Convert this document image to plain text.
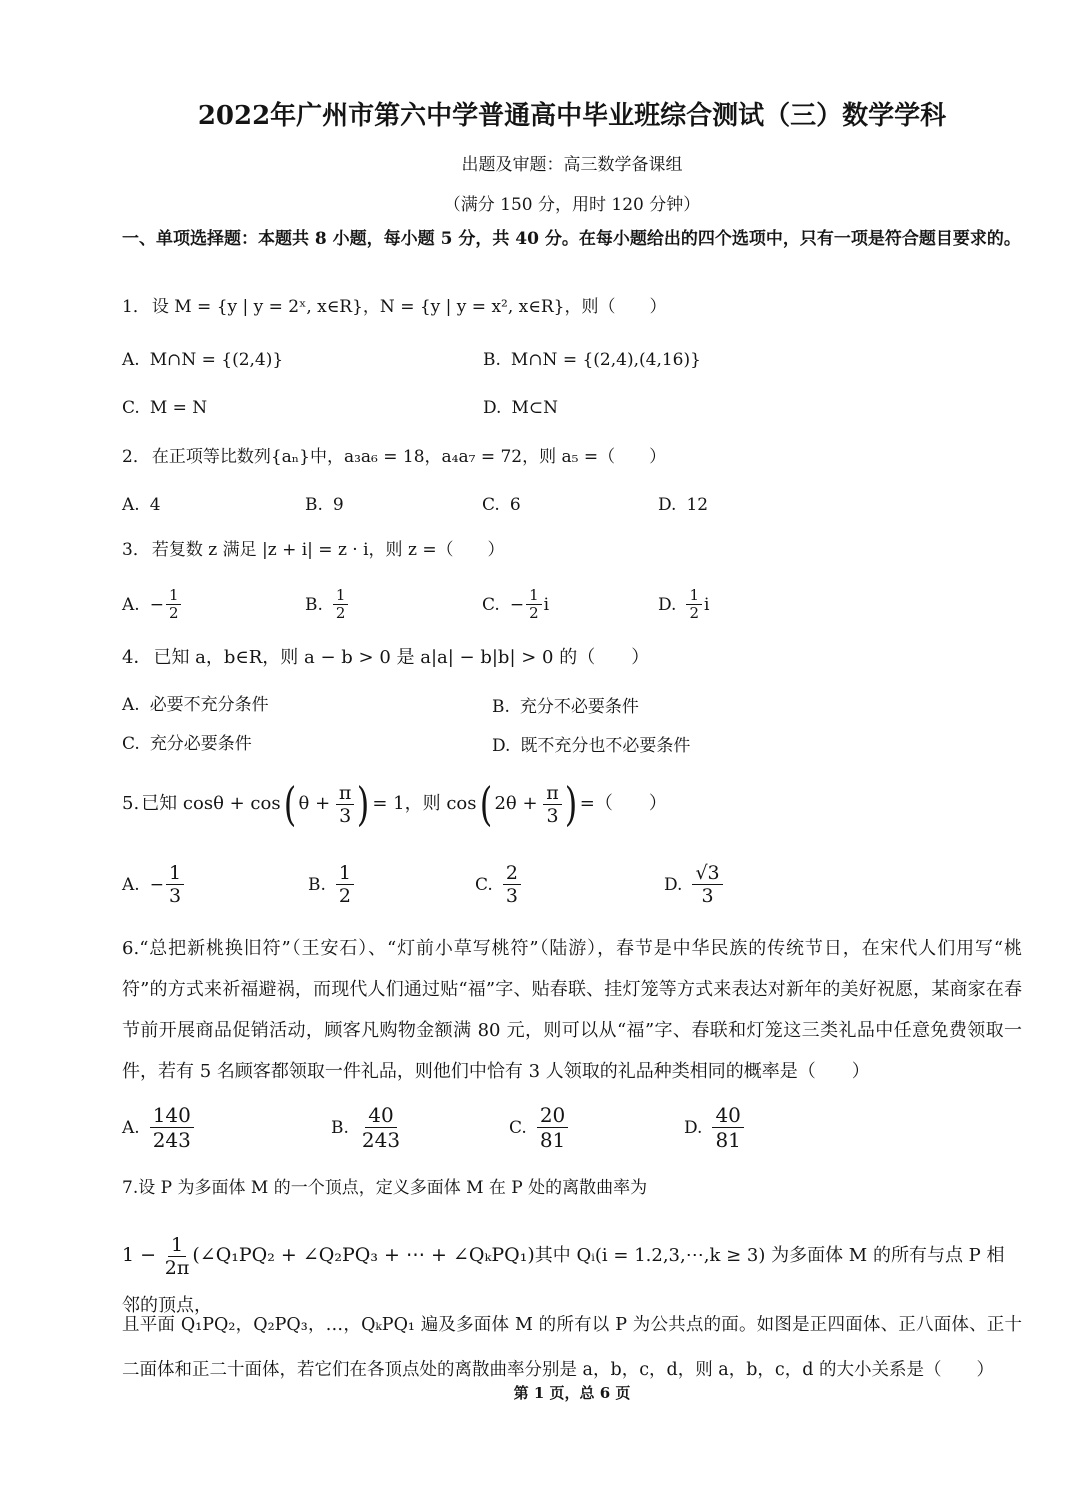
2022年广州市第六中学普通高中毕业班综合测试（三）数学学科
出题及审题：高三数学备课组
（满分 150 分，用时 120 分钟）
一、单项选择题：本题共 8 小题，每小题 5 分，共 40 分。在每小题给出的四个选项中，只有一项是符合题目要求的。
1． 设 M = {y | y = 2ˣ, x∈R}，N = {y | y = x², x∈R}，则（　　）
A. M∩N = {(2,4)}	B. M∩N = {(2,4),(4,16)}
C. M = N	D. M⊂N
2． 在正项等比数列{aₙ}中，a₃a₆ = 18，a₄a₇ = 72，则 a₅ =（　　）
A. 4	B. 9	C. 6	D. 12
3． 若复数 z 满足 |z + i| = z · i，则 z =（　　）
A. − $\frac{1}{2}$	B. $\frac{1}{2}$	C. − $\frac{1}{2}$ i	D. $\frac{1}{2}$ i
4． 已知 a，b∈R，则 a − b > 0 是 a|a| − b|b| > 0 的（　　）
A. 必要不充分条件	B. 充分不必要条件
C. 充分必要条件	D. 既不充分也不必要条件
5. 已知 cosθ + cos( $\theta + \frac{\pi}{3}$ ) = 1，则 cos( $2\theta + \frac{\pi}{3}$ ) =（　　）
A. − $\frac{1}{3}$	B. $\frac{1}{2}$	C. $\frac{2}{3}$	D. $\frac{√3}{3}$
6.“总把新桃换旧符”（王安石）、“灯前小草写桃符”（陆游），春节是中华民族的传统节日，在宋代人们用写“桃符”的方式来祈福避祸，而现代人们通过贴“福”字、贴春联、挂灯笼等方式来表达对新年的美好祝愿，某商家在春节前开展商品促销活动，顾客凡购物金额满 80 元，则可以从“福”字、春联和灯笼这三类礼品中任意免费领取一件，若有 5 名顾客都领取一件礼品，则他们中恰有 3 人领取的礼品种类相同的概率是（　　）
A. $\frac{140}{243}$	B. $\frac{40}{243}$	C. $\frac{20}{81}$	D. $\frac{40}{81}$
7.设 P 为多面体 M 的一个顶点，定义多面体 M 在 P 处的离散曲率为
$1 - \frac{1}{2\pi}$ (∠Q₁PQ₂ + ∠Q₂PQ₃ + ⋯ + ∠QₖPQ₁)其中 Qᵢ(i = 1.2,3,⋯,k ≥ 3) 为多面体 M 的所有与点 P 相邻的顶点，
且平面 Q₁PQ₂，Q₂PQ₃，…，QₖPQ₁ 遍及多面体 M 的所有以 P 为公共点的面。如图是正四面体、正八面体、正十二面体和正二十面体，若它们在各顶点处的离散曲率分别是 a，b，c，d，则 a，b，c，d 的大小关系是（　　）
第 1 页，总 6 页
